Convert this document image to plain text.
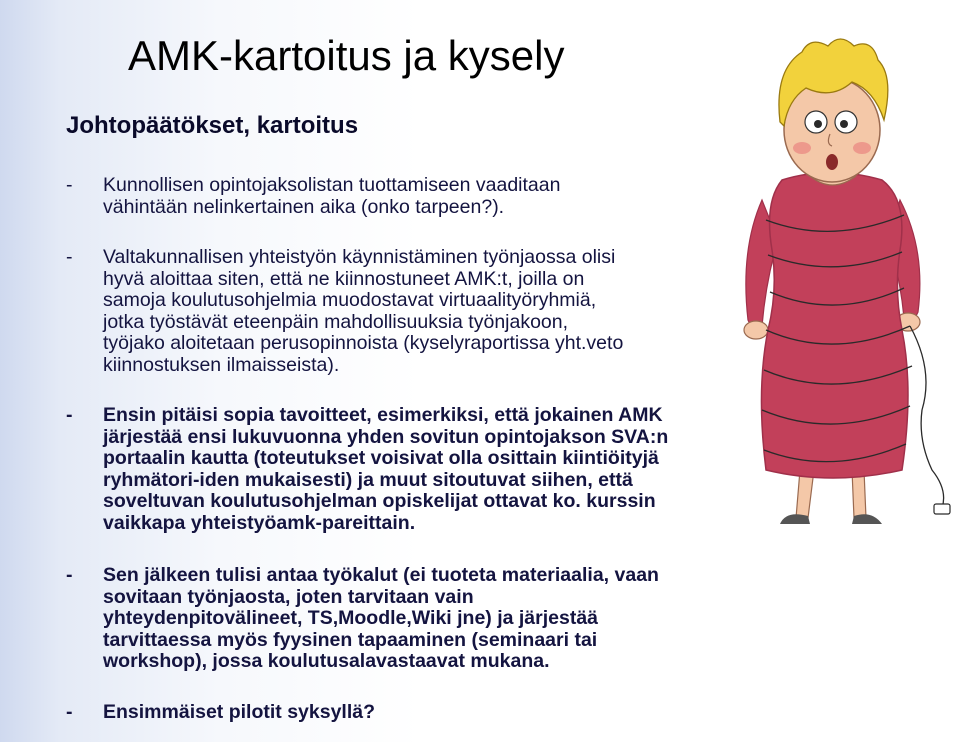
AMK-kartoitus ja kysely
Johtopäätökset, kartoitus
- Kunnollisen opintojaksolistan tuottamiseen vaaditaan
vähintään nelinkertainen aika (onko tarpeen?).
- Valtakunnallisen yhteistyön käynnistäminen työnjaossa olisi
hyvä aloittaa siten, että ne kiinnostuneet AMK:t, joilla on
samoja koulutusohjelmia muodostavat virtuaalityöryhmiä,
jotka työstävät eteenpäin mahdollisuuksia työnjakoon,
työjako aloitetaan perusopinnoista (kyselyraportissa yht.veto
kiinnostuksen ilmaisseista).
- Ensin pitäisi sopia tavoitteet, esimerkiksi, että jokainen AMK
järjestää ensi lukuvuonna yhden sovitun opintojakson SVA:n
portaalin kautta (toteutukset voisivat olla osittain kiintiöityjä
ryhmätori-iden mukaisesti) ja muut sitoutuvat siihen, että
soveltuvan koulutusohjelman opiskelijat ottavat ko. kurssin
vaikkapa yhteistyöamk-pareittain.
- Sen jälkeen tulisi antaa työkalut (ei tuoteta materiaalia, vaan
sovitaan työnjaosta, joten tarvitaan vain
yhteydenpitovälineet, TS,Moodle,Wiki jne) ja järjestää
tarvittaessa myös fyysinen tapaaminen (seminaari tai
workshop), jossa koulutusalavastaavat mukana.
- Ensimmäiset pilotit syksyllä?
